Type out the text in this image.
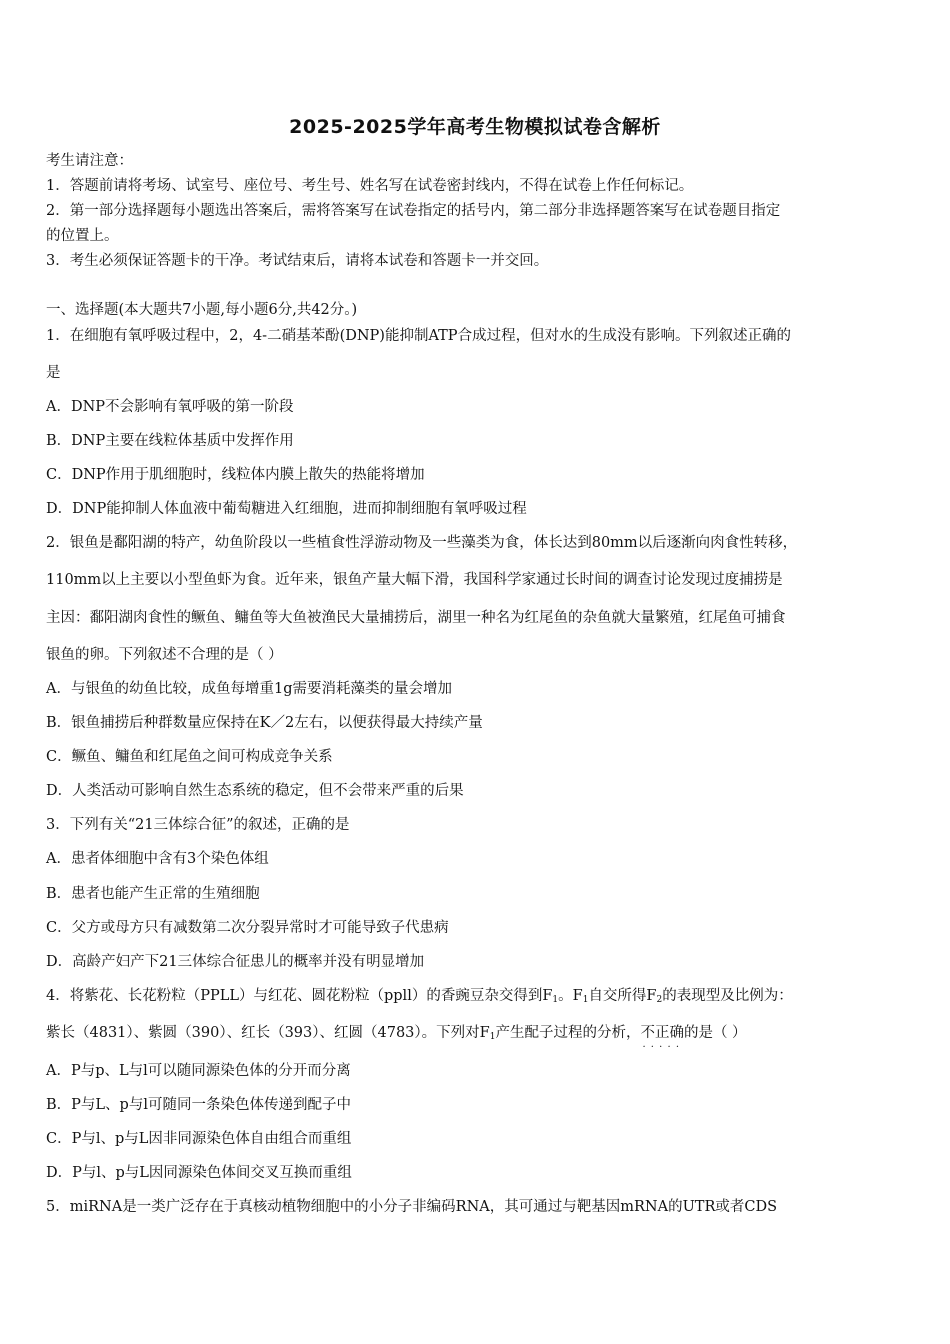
2025-2025学年高考生物模拟试卷含解析
考生请注意：
1．答题前请将考场、试室号、座位号、考生号、姓名写在试卷密封线内，不得在试卷上作任何标记。
2．第一部分选择题每小题选出答案后，需将答案写在试卷指定的括号内，第二部分非选择题答案写在试卷题目指定
的位置上。
3．考生必须保证答题卡的干净。考试结束后，请将本试卷和答题卡一并交回。
一、选择题(本大题共7小题,每小题6分,共42分。)
1．在细胞有氧呼吸过程中，2，4-二硝基苯酚(DNP)能抑制ATP合成过程，但对水的生成没有影响。下列叙述正确的
是
A．DNP不会影响有氧呼吸的第一阶段
B．DNP主要在线粒体基质中发挥作用
C．DNP作用于肌细胞时，线粒体内膜上散失的热能将增加
D．DNP能抑制人体血液中葡萄糖进入红细胞，进而抑制细胞有氧呼吸过程
2．银鱼是鄱阳湖的特产，幼鱼阶段以一些植食性浮游动物及一些藻类为食，体长达到80mm以后逐渐向肉食性转移，
110mm以上主要以小型鱼虾为食。近年来，银鱼产量大幅下滑，我国科学家通过长时间的调查讨论发现过度捕捞是
主因：鄱阳湖肉食性的鳜鱼、鳙鱼等大鱼被渔民大量捕捞后，湖里一种名为红尾鱼的杂鱼就大量繁殖，红尾鱼可捕食
银鱼的卵。下列叙述不合理的是（ ）
A．与银鱼的幼鱼比较，成鱼每增重1g需要消耗藻类的量会增加
B．银鱼捕捞后种群数量应保持在K／2左右，以便获得最大持续产量
C．鳜鱼、鳙鱼和红尾鱼之间可构成竞争关系
D．人类活动可影响自然生态系统的稳定，但不会带来严重的后果
3．下列有关“21三体综合征”的叙述，正确的是
A．患者体细胞中含有3个染色体组
B．患者也能产生正常的生殖细胞
C．父方或母方只有减数第二次分裂异常时才可能导致子代患病
D．高龄产妇产下21三体综合征患儿的概率并没有明显增加
4．将紫花、长花粉粒（PPLL）与红花、圆花粉粒（ppll）的香豌豆杂交得到$F_1$。$F_1$自交所得$F_2$的表现型及比例为：
紫长（4831）、紫圆（390）、红长（393）、红圆（4783）。下列对$F_1$产生配子过程的分析，不正确 · · ·的是（ ）
A．P与p、L与l可以随同源染色体的分开而分离
B．P与L、p与l可随同一条染色体传递到配子中
C．P与l、p与L因非同源染色体自由组合而重组
D．P与l、p与L因同源染色体间交叉互换而重组
5．miRNA是一类广泛存在于真核动植物细胞中的小分子非编码RNA，其可通过与靶基因mRNA的UTR或者CDS
